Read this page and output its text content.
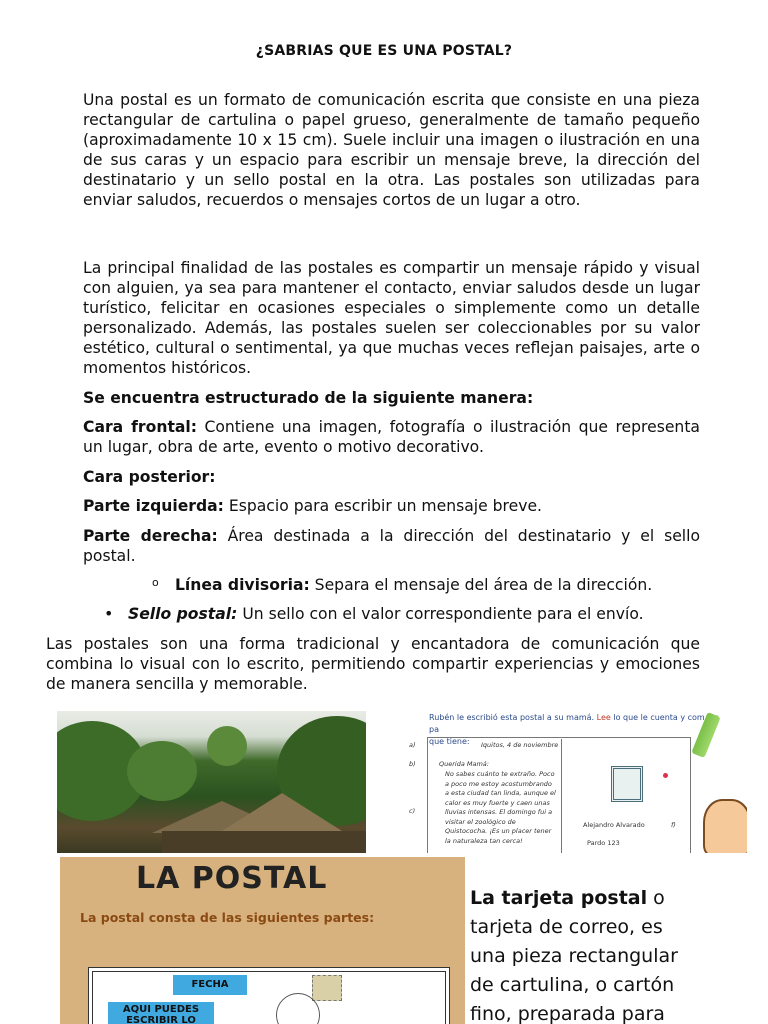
¿SABRIAS QUE ES UNA POSTAL?
Una postal es un formato de comunicación escrita que consiste en una pieza rectangular de cartulina o papel grueso, generalmente de tamaño pequeño (aproximadamente 10 x 15 cm). Suele incluir una imagen o ilustración en una de sus caras y un espacio para escribir un mensaje breve, la dirección del destinatario y un sello postal en la otra. Las postales son utilizadas para enviar saludos, recuerdos o mensajes cortos de un lugar a otro.
La principal finalidad de las postales es compartir un mensaje rápido y visual con alguien, ya sea para mantener el contacto, enviar saludos desde un lugar turístico, felicitar en ocasiones especiales o simplemente como un detalle personalizado. Además, las postales suelen ser coleccionables por su valor estético, cultural o sentimental, ya que muchas veces reflejan paisajes, arte o momentos históricos.
Se encuentra estructurado de la siguiente manera:
Cara frontal: Contiene una imagen, fotografía o ilustración que representa un lugar, obra de arte, evento o motivo decorativo.
Cara posterior:
Parte izquierda: Espacio para escribir un mensaje breve.
Parte derecha: Área destinada a la dirección del destinatario y el sello postal.
o Línea divisoria: Separa el mensaje del área de la dirección.
• Sello postal: Un sello con el valor correspondiente para el envío.
Las postales son una forma tradicional y encantadora de comunicación que combina lo visual con lo escrito, permitiendo compartir experiencias y emociones de manera sencilla y memorable.
Rubén le escribió esta postal a su mamá. Lee lo que le cuenta y com pa
que tiene:
a)
b)
c)
Iquitos, 4 de noviembre
Querida Mamá:
No sabes cuánto te extraño. Poco a poco me estoy acostumbrando a esta ciudad tan linda, aunque el calor es muy fuerte y caen unas lluvias intensas. El domingo fui a visitar el zoológico de Quistococha. ¡Es un placer tener la naturaleza tan cerca!
Alejandro Alvarado	f)
Pardo 123
LA POSTAL
La postal consta de las siguientes partes:
FECHA
AQUI PUEDES
ESCRIBIR LO
La tarjeta postal o
tarjeta de correo, es
una pieza rectangular
de cartulina, o cartón
fino, preparada para
